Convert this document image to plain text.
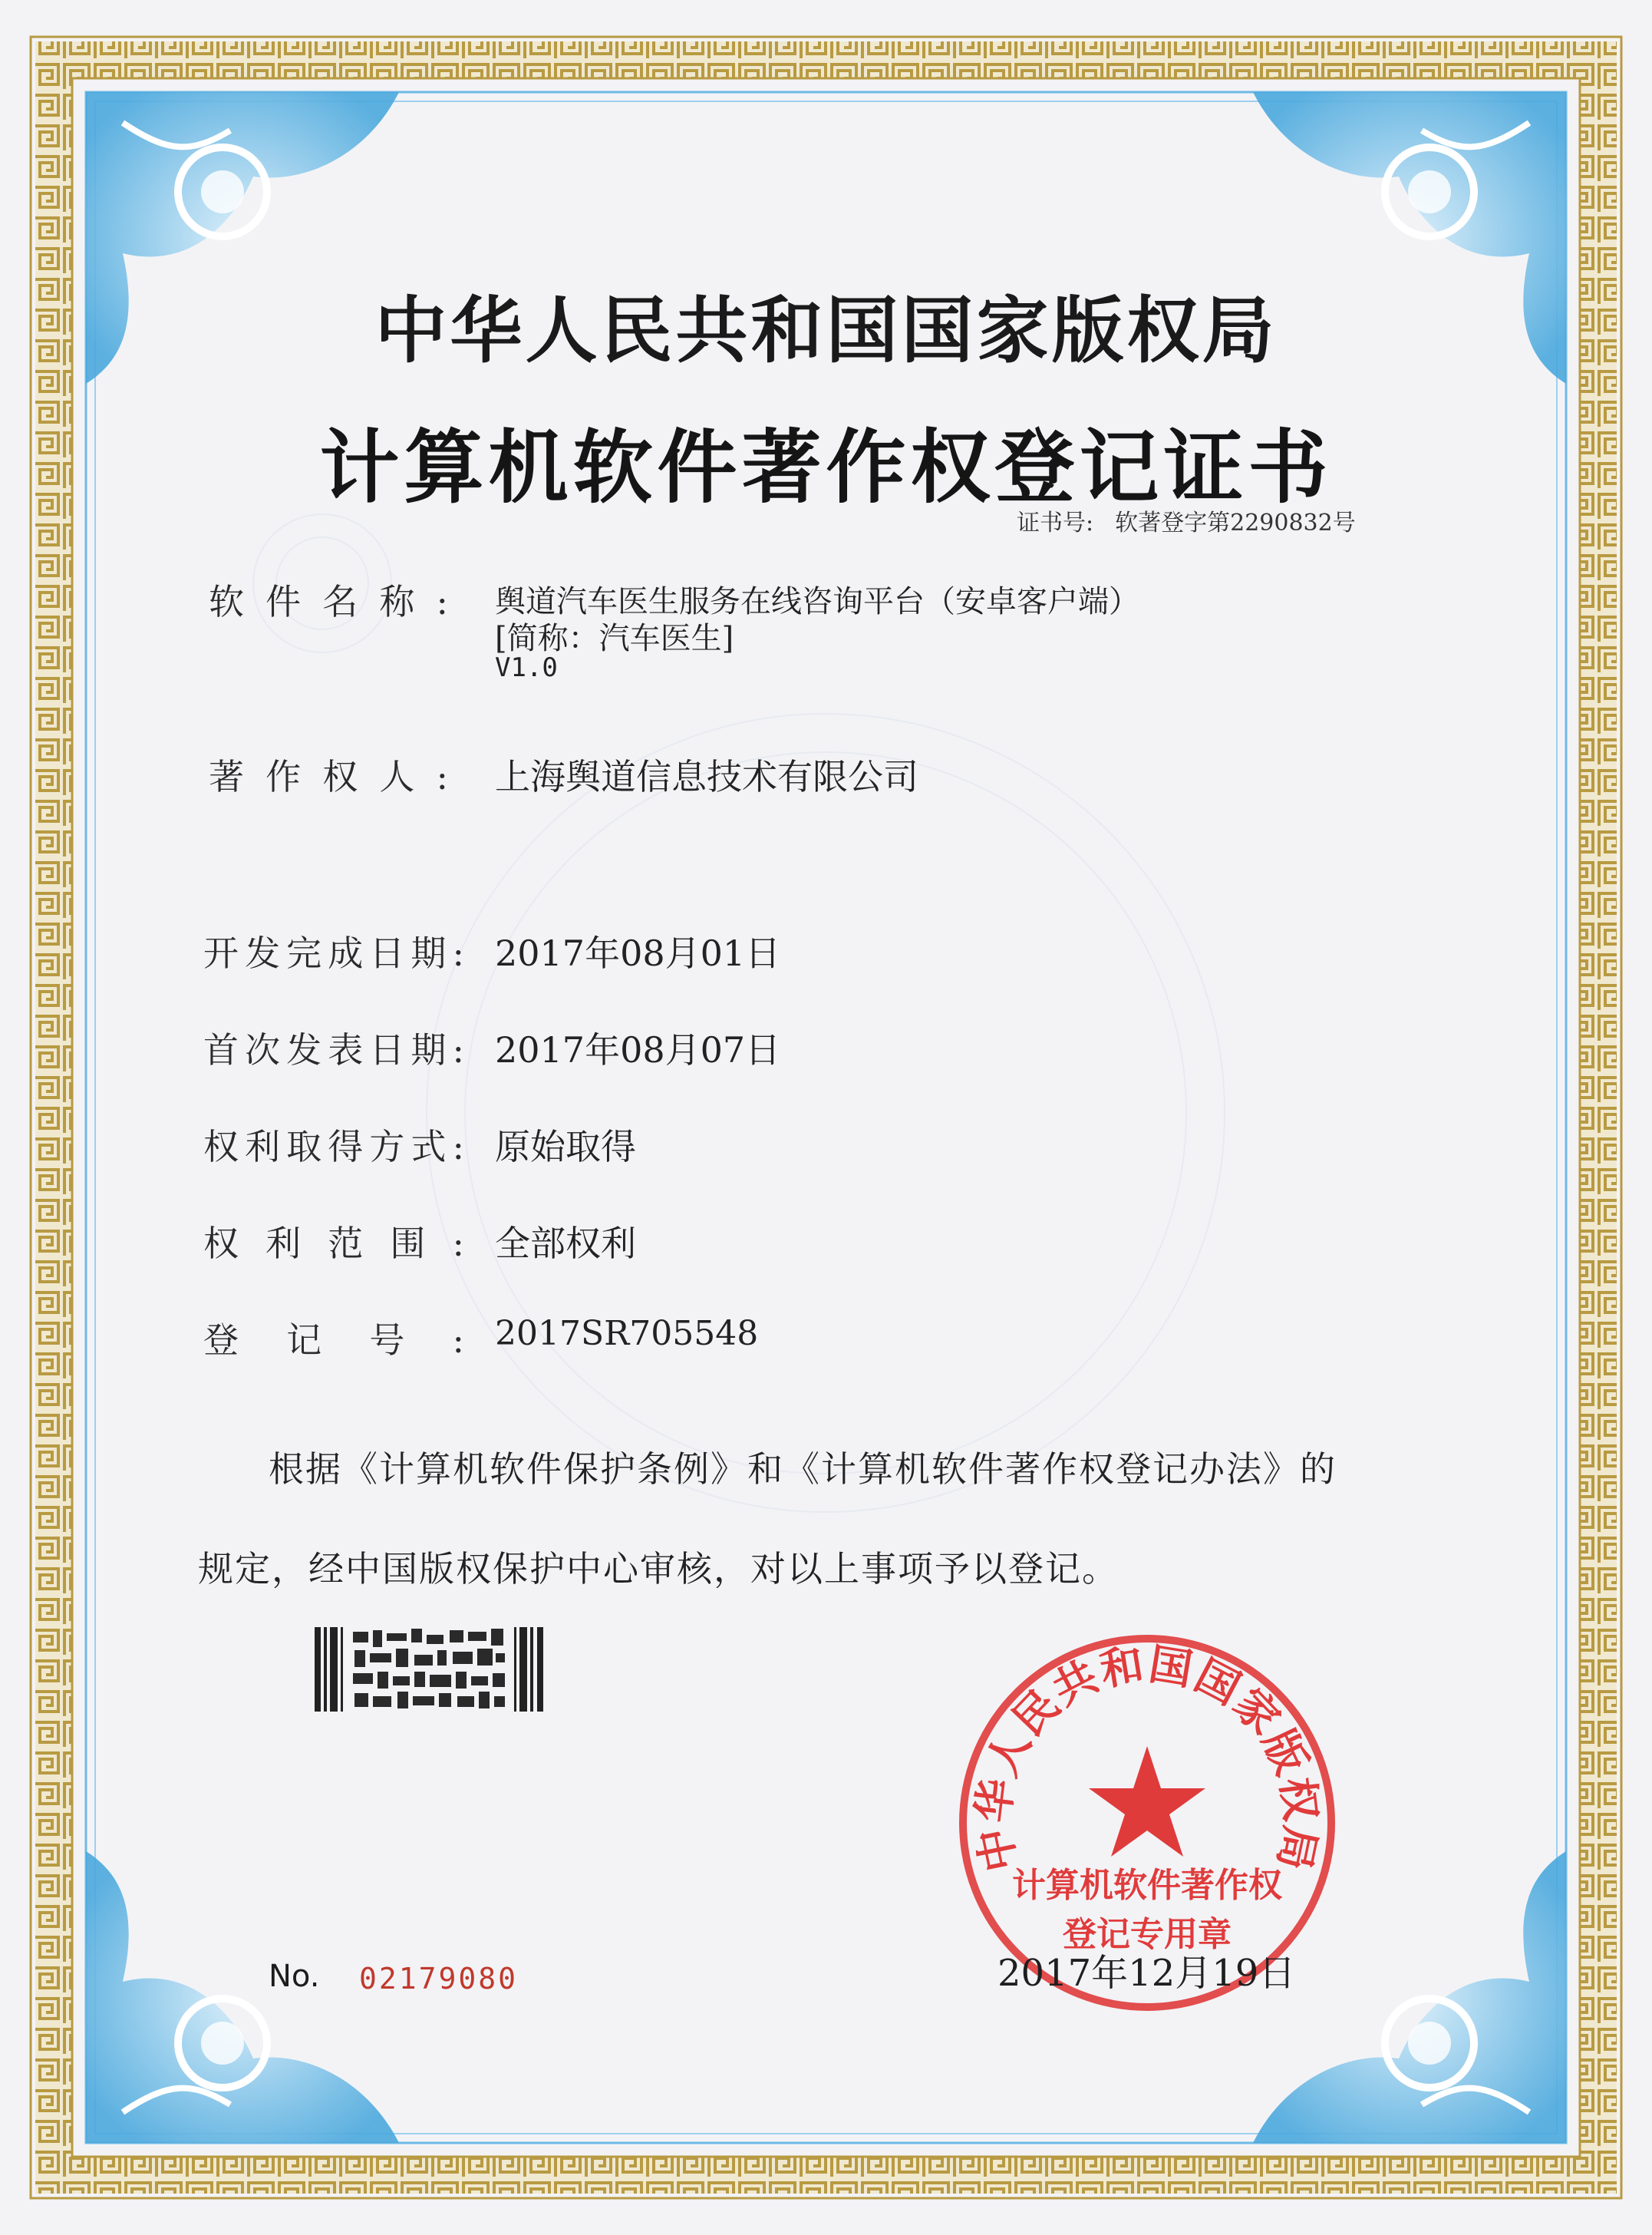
中华人民共和国国家版权局
计算机软件著作权登记证书
证书号: 软著登字第2290832号
软件名称: 舆道汽车医生服务在线咨询平台（安卓客户端）
[简称：汽车医生]
V1.0
著作权人: 上海舆道信息技术有限公司
开发完成日期: 2017年08月01日
首次发表日期: 2017年08月07日
权利取得方式: 原始取得
权利范围: 全部权利
登记号: 2017SR705548
根据《计算机软件保护条例》和《计算机软件著作权登记办法》的
规定，经中国版权保护中心审核，对以上事项予以登记。
中华人民共和国国家版权局
计算机软件著作权
登记专用章
No. 02179080	2017年12月19日
